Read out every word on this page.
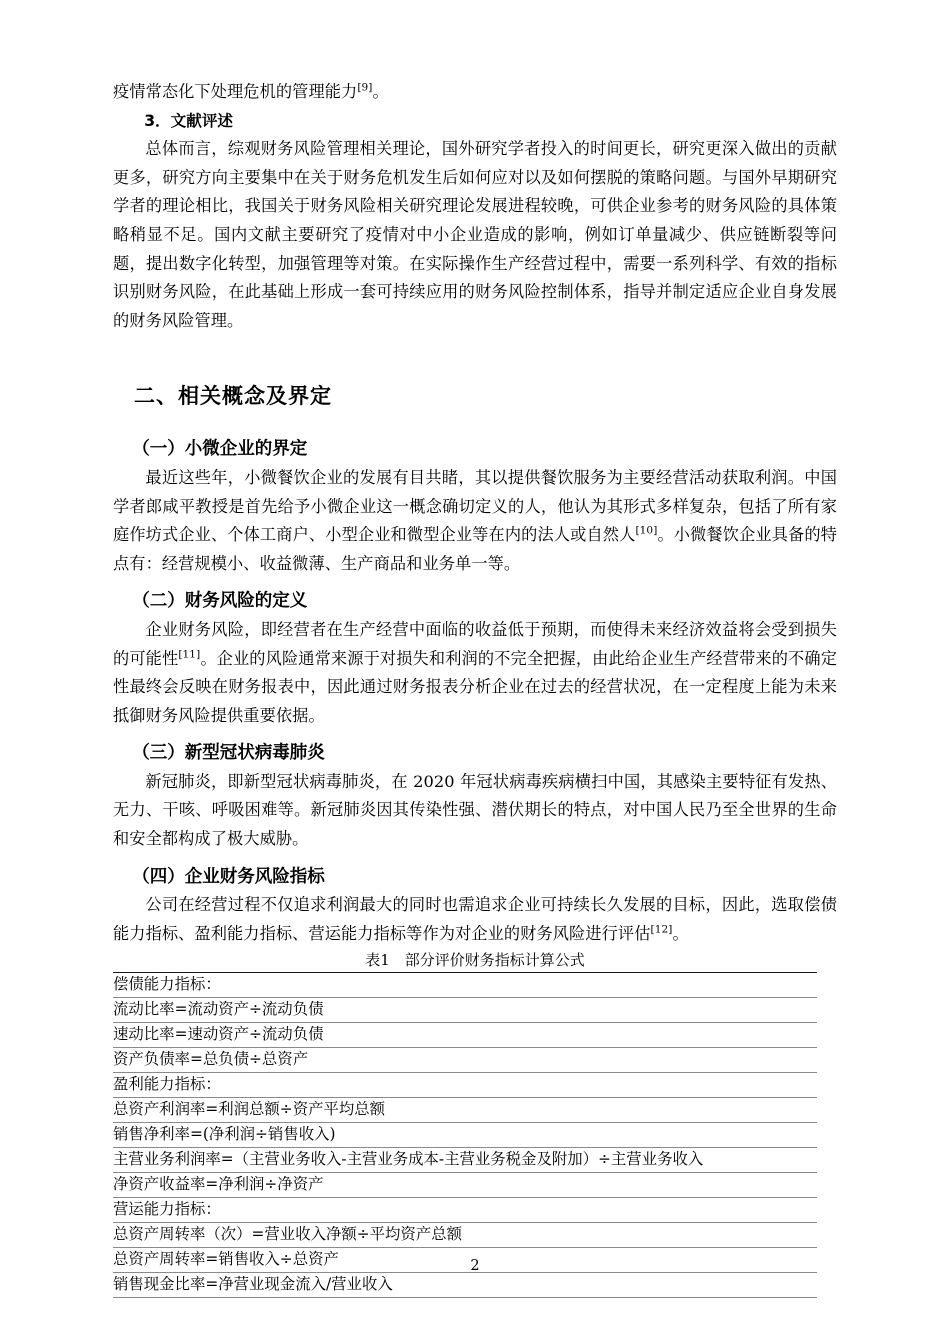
疫情常态化下处理危机的管理能力[9]。

3．文献评述

总体而言，综观财务风险管理相关理论，国外研究学者投入的时间更长，研究更深入做出的贡献更多，研究方向主要集中在关于财务危机发生后如何应对以及如何摆脱的策略问题。与国外早期研究学者的理论相比，我国关于财务风险相关研究理论发展进程较晚，可供企业参考的财务风险的具体策略稍显不足。国内文献主要研究了疫情对中小企业造成的影响，例如订单量减少、供应链断裂等问题，提出数字化转型，加强管理等对策。在实际操作生产经营过程中，需要一系列科学、有效的指标识别财务风险，在此基础上形成一套可持续应用的财务风险控制体系，指导并制定适应企业自身发展的财务风险管理。

二、相关概念及界定
（一）小微企业的界定

最近这些年，小微餐饮企业的发展有目共睹，其以提供餐饮服务为主要经营活动获取利润。中国学者郎咸平教授是首先给予小微企业这一概念确切定义的人，他认为其形式多样复杂，包括了所有家庭作坊式企业、个体工商户、小型企业和微型企业等在内的法人或自然人[10]。小微餐饮企业具备的特点有：经营规模小、收益微薄、生产商品和业务单一等。

（二）财务风险的定义

企业财务风险，即经营者在生产经营中面临的收益低于预期，而使得未来经济效益将会受到损失的可能性[11]。企业的风险通常来源于对损失和利润的不完全把握，由此给企业生产经营带来的不确定性最终会反映在财务报表中，因此通过财务报表分析企业在过去的经营状况，在一定程度上能为未来抵御财务风险提供重要依据。

（三）新型冠状病毒肺炎

新冠肺炎，即新型冠状病毒肺炎，在 2020 年冠状病毒疾病横扫中国，其感染主要特征有发热、无力、干咳、呼吸困难等。新冠肺炎因其传染性强、潜伏期长的特点，对中国人民乃至全世界的生命和安全都构成了极大威胁。

（四）企业财务风险指标

公司在经营过程不仅追求利润最大的同时也需追求企业可持续长久发展的目标，因此，选取偿债能力指标、盈利能力指标、营运能力指标等作为对企业的财务风险进行评估[12]。

表1　部分评价财务指标计算公式

偿债能力指标：
流动比率=流动资产÷流动负债
速动比率=速动资产÷流动负债
资产负债率=总负债÷总资产
盈利能力指标：
总资产利润率=利润总额÷资产平均总额
销售净利率=(净利润÷销售收入)
主营业务利润率=（主营业务收入-主营业务成本-主营业务税金及附加）÷主营业务收入
净资产收益率=净利润÷净资产
营运能力指标：
总资产周转率（次）=营业收入净额÷平均资产总额
总资产周转率=销售收入÷总资产
销售现金比率=净营业现金流入/营业收入
2
